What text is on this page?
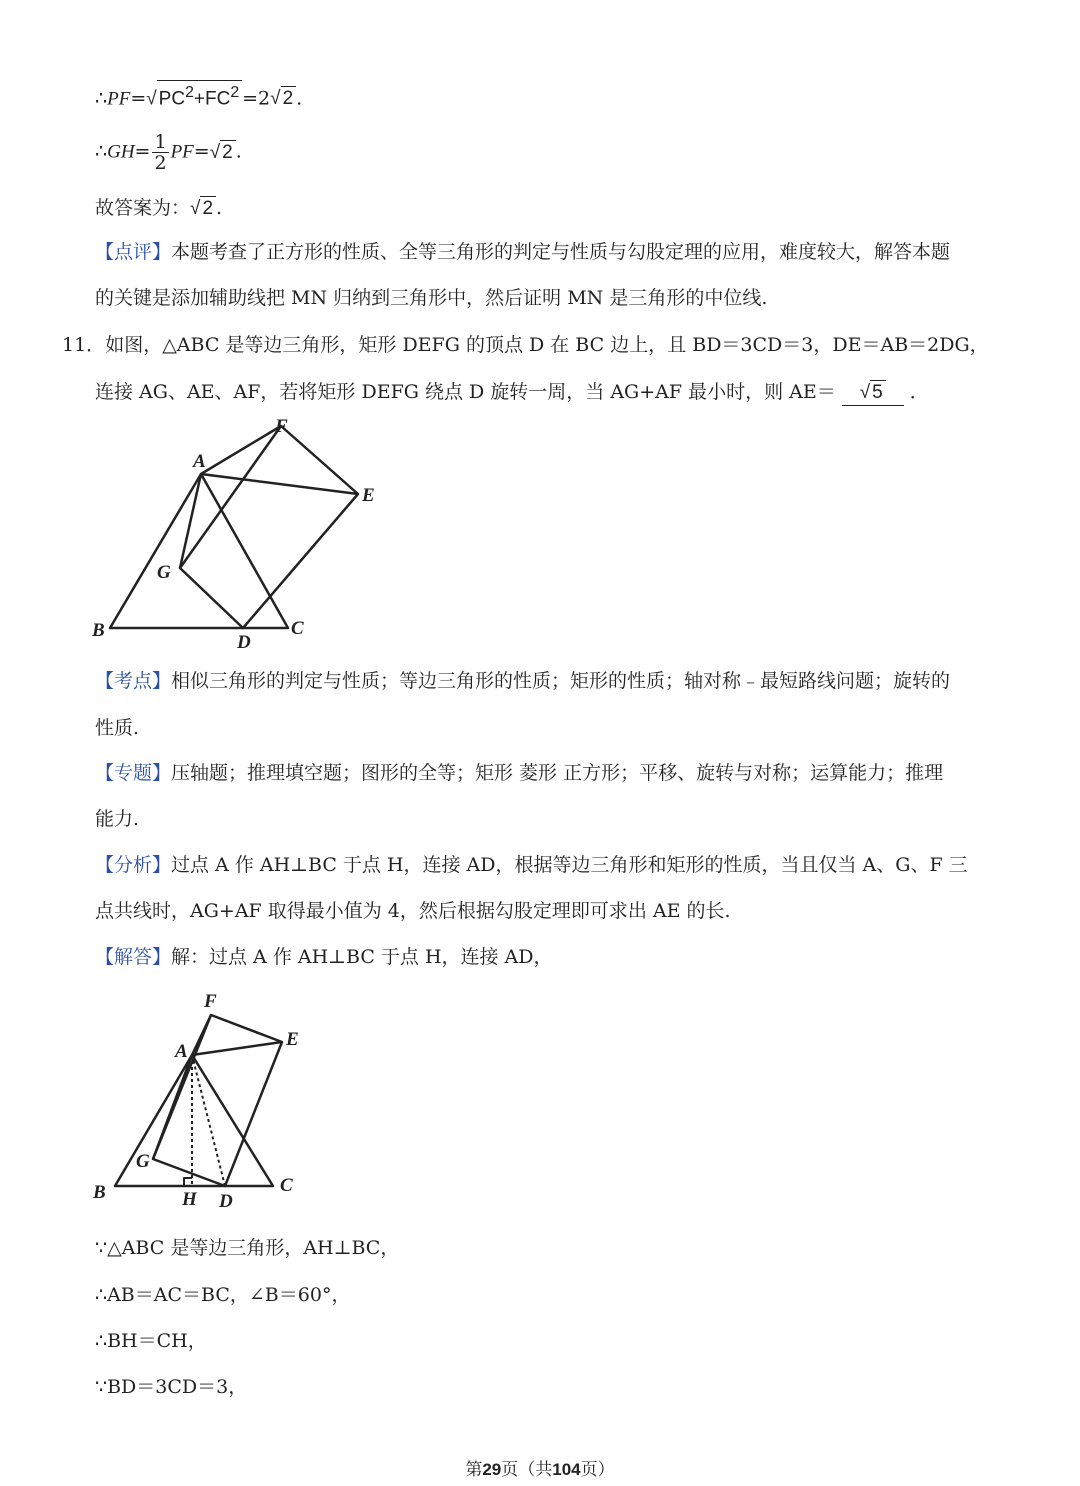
∴PF=√ $PC^2+FC^2 =2√$ 2 .
∴GH= $\frac{1}{2} PF=√$ 2 .
故答案为：√ 2 .
【点评】本题考查了正方形的性质、全等三角形的判定与性质与勾股定理的应用，难度较大，解答本题
的关键是添加辅助线把 MN 归纳到三角形中，然后证明 MN 是三角形的中位线.
11．如图，△ABC 是等边三角形，矩形 DEFG 的顶点 D 在 BC 边上，且 BD＝3CD＝3，DE＝AB＝2DG，
连接 AG、AE、AF，若将矩形 DEFG 绕点 D 旋转一周，当 AG+AF 最小时，则 AE＝ √ 5 ．
A
B	C
D
E
F
G
【考点】相似三角形的判定与性质；等边三角形的性质；矩形的性质；轴对称﹣最短路线问题；旋转的
性质.
【专题】压轴题；推理填空题；图形的全等；矩形 菱形 正方形；平移、旋转与对称；运算能力；推理
能力.
【分析】过点 A 作 AH⊥BC 于点 H，连接 AD，根据等边三角形和矩形的性质，当且仅当 A、G、F 三
点共线时，AG+AF 取得最小值为 4，然后根据勾股定理即可求出 AE 的长.
【解答】解：过点 A 作 AH⊥BC 于点 H，连接 AD，
A
B	C
D
E
F
G
H
∵△ABC 是等边三角形，AH⊥BC，
∴AB＝AC＝BC，∠B＝60°，
∴BH＝CH，
∵BD＝3CD＝3，
第29页（共104页）
